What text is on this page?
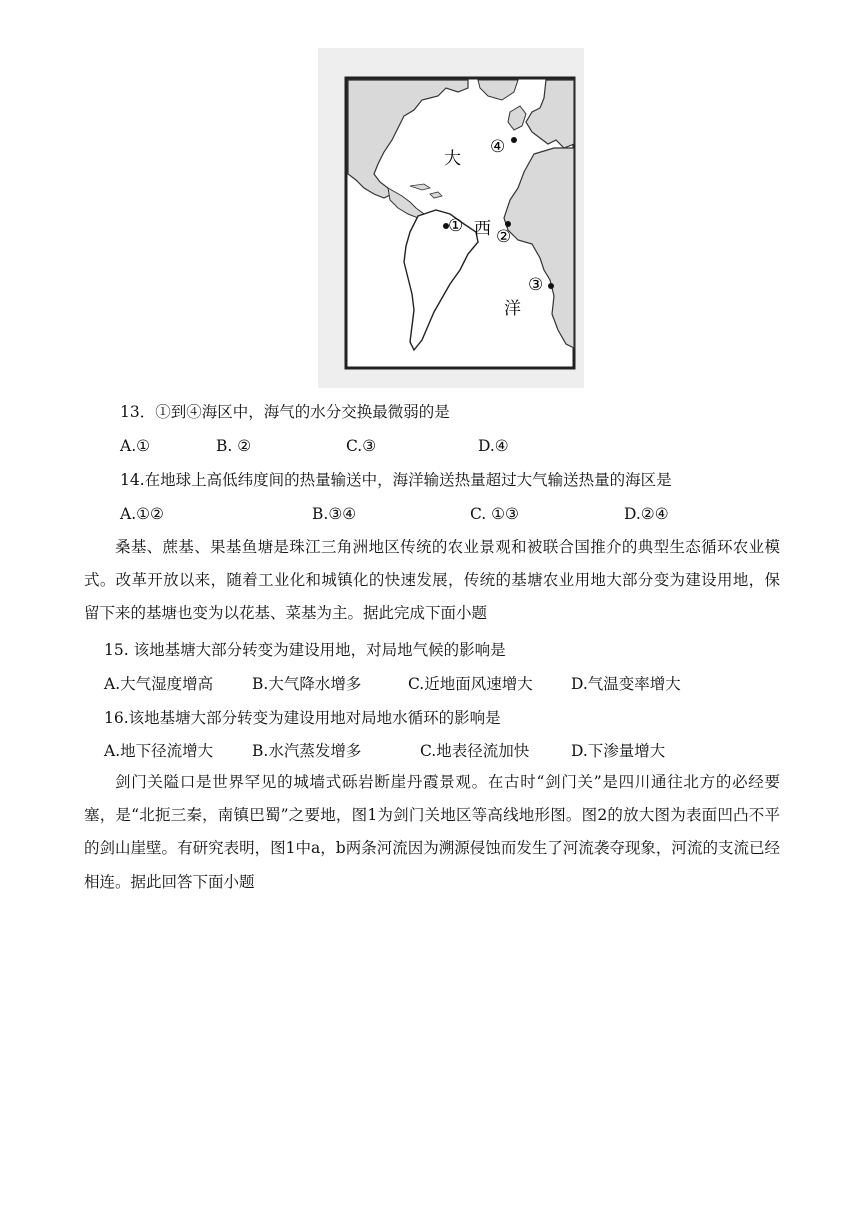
①
②
③
④
大
西
洋
13．①到④海区中，海气的水分交换最微弱的是
A.①	B. ②	C.③	D.④
14.在地球上高低纬度间的热量输送中，海洋输送热量超过大气输送热量的海区是
A.①②	B.③④	C. ①③	D.②④
桑基、蔗基、果基鱼塘是珠江三角洲地区传统的农业景观和被联合国推介的典型生态循环农业模式。改革开放以来，随着工业化和城镇化的快速发展，传统的基塘农业用地大部分变为建设用地，保留下来的基塘也变为以花基、菜基为主。据此完成下面小题
15. 该地基塘大部分转变为建设用地，对局地气候的影响是
A.大气湿度增高	B.大气降水增多	C.近地面风速增大 D.气温变率增大
16.该地基塘大部分转变为建设用地对局地水循环的影响是
A.地下径流增大	B.水汽蒸发增多	C.地表径流加快	D.下渗量增大
剑门关隘口是世界罕见的城墙式砾岩断崖丹霞景观。在古时“剑门关”是四川通往北方的必经要塞，是“北扼三秦，南镇巴蜀”之要地，图1为剑门关地区等高线地形图。图2的放大图为表面凹凸不平的剑山崖壁。有研究表明，图1中a，b两条河流因为溯源侵蚀而发生了河流袭夺现象，河流的支流已经相连。据此回答下面小题
